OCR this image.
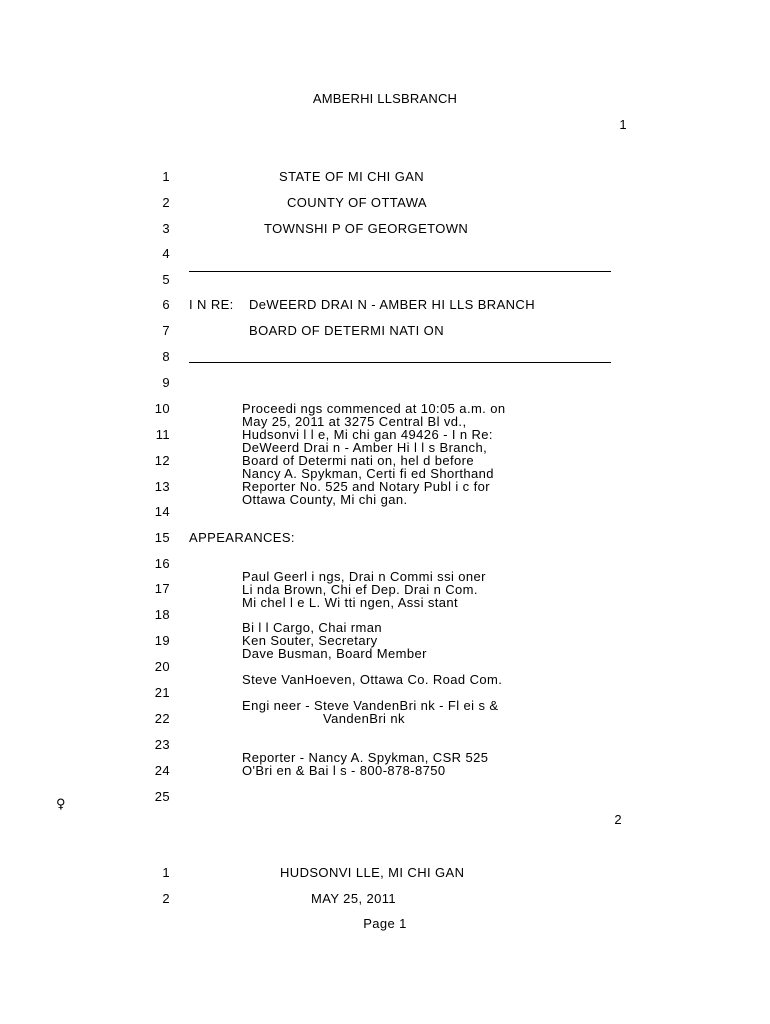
AMBERHI LLSBRANCH
1
1
2
3
4
5
6
7
8
9
10
11
12
13
14
15
16
17
18
19
20
21
22
23
24
25
STATE OF MI CHI GAN
COUNTY OF OTTAWA
TOWNSHI P OF GEORGETOWN
I N RE: DeWEERD DRAI N - AMBER HI LLS BRANCH
BOARD OF DETERMI NATI ON
Proceedi ngs commenced at 10:05 a.m. on
May 25, 2011 at 3275 Central Bl vd.,
Hudsonvi l l e, Mi chi gan 49426 - I n Re:
DeWeerd Drai n - Amber Hi l l s Branch,
Board of Determi nati on, hel d before
Nancy A. Spykman, Certi fi ed Shorthand
Reporter No. 525 and Notary Publ i c for
Ottawa County, Mi chi gan.
APPEARANCES:
Paul Geerl i ngs, Drai n Commi ssi oner
Li nda Brown, Chi ef Dep. Drai n Com.
Mi chel l e L. Wi tti ngen, Assi stant
Bi l l Cargo, Chai rman
Ken Souter, Secretary
Dave Busman, Board Member
Steve VanHoeven, Ottawa Co. Road Com.
Engi neer - Steve VandenBri nk - Fl ei s &
VandenBri nk
Reporter - Nancy A. Spykman, CSR 525
O'Bri en & Bai l s - 800-878-8750
♀
2
1
2
HUDSONVI LLE, MI CHI GAN
MAY 25, 2011
Page 1
